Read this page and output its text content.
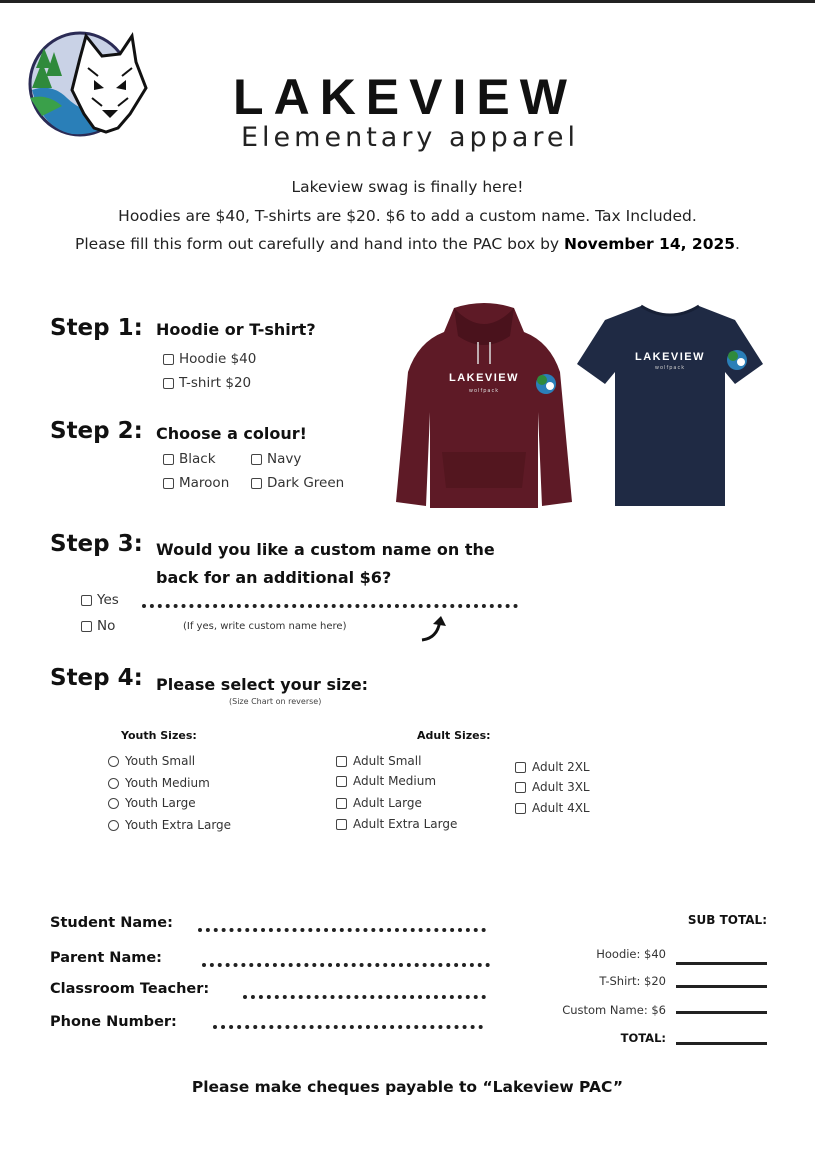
LAKEVIEW
Elementary apparel
Lakeview swag is finally here!
Hoodies are $40, T-shirts are $20. $6 to add a custom name. Tax Included.
Please fill this form out carefully and hand into the PAC box by November 14, 2025.
Step 1: Hoodie or T-shirt?
Hoodie $40
T-shirt $20
Step 2: Choose a colour!
Black	Navy
Maroon	Dark Green
LAKEVIEW
wolfpack
LAKEVIEW
wolfpack
Step 3: Would you like a custom name on the
back for an additional $6?
Yes
No	(If yes, write custom name here)
Step 4: Please select your size:
(Size Chart on reverse)
Youth Sizes:	Adult Sizes:
Youth Small
Youth Medium
Youth Large
Youth Extra Large
Adult Small
Adult Medium
Adult Large
Adult Extra Large
Adult 2XL
Adult 3XL
Adult 4XL
Student Name:
Parent Name:
Classroom Teacher:
Phone Number:
SUB TOTAL:
Hoodie: $40
T-Shirt: $20
Custom Name: $6
TOTAL:
Please make cheques payable to “Lakeview PAC”
